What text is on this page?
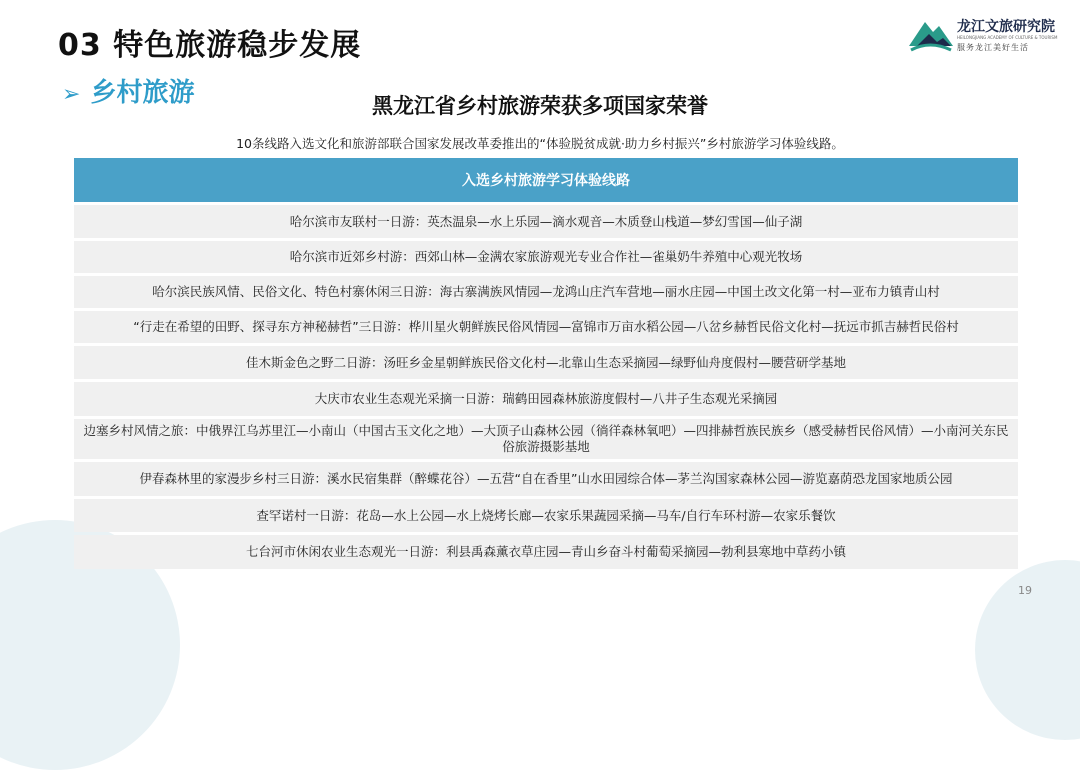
03 特色旅游稳步发展
龙江文旅研究院
HEILONGJIANG ACADEMY OF CULTURE & TOURISM
服务龙江美好生活
➢ 乡村旅游	黑龙江省乡村旅游荣获多项国家荣誉
10条线路入选文化和旅游部联合国家发展改革委推出的“体验脱贫成就·助力乡村振兴”乡村旅游学习体验线路。
入选乡村旅游学习体验线路
哈尔滨市友联村一日游：英杰温泉—水上乐园—滴水观音—木质登山栈道—梦幻雪国—仙子湖
哈尔滨市近郊乡村游：西郊山林—金满农家旅游观光专业合作社—雀巢奶牛养殖中心观光牧场
哈尔滨民族风情、民俗文化、特色村寨休闲三日游：海古寨满族风情园—龙鸿山庄汽车营地—丽水庄园—中国土改文化第一村—亚布力镇青山村
“行走在希望的田野、探寻东方神秘赫哲”三日游：桦川星火朝鲜族民俗风情园—富锦市万亩水稻公园—八岔乡赫哲民俗文化村—抚远市抓吉赫哲民俗村
佳木斯金色之野二日游：汤旺乡金星朝鲜族民俗文化村—北靠山生态采摘园—绿野仙舟度假村—腰营研学基地
大庆市农业生态观光采摘一日游：瑞鹤田园森林旅游度假村—八井子生态观光采摘园
边塞乡村风情之旅：中俄界江乌苏里江—小南山（中国古玉文化之地）—大顶子山森林公园（徜徉森林氧吧）—四排赫哲族民族乡（感受赫哲民俗风情）—小南河关东民俗旅游摄影基地
伊春森林里的家漫步乡村三日游：溪水民宿集群（醉蝶花谷）—五营“自在香里”山水田园综合体—茅兰沟国家森林公园—游览嘉荫恐龙国家地质公园
查罕诺村一日游：花岛—水上公园—水上烧烤长廊—农家乐果蔬园采摘—马车/自行车环村游—农家乐餐饮
七台河市休闲农业生态观光一日游：利县禹森薰衣草庄园—青山乡奋斗村葡萄采摘园—勃利县寒地中草药小镇
19
